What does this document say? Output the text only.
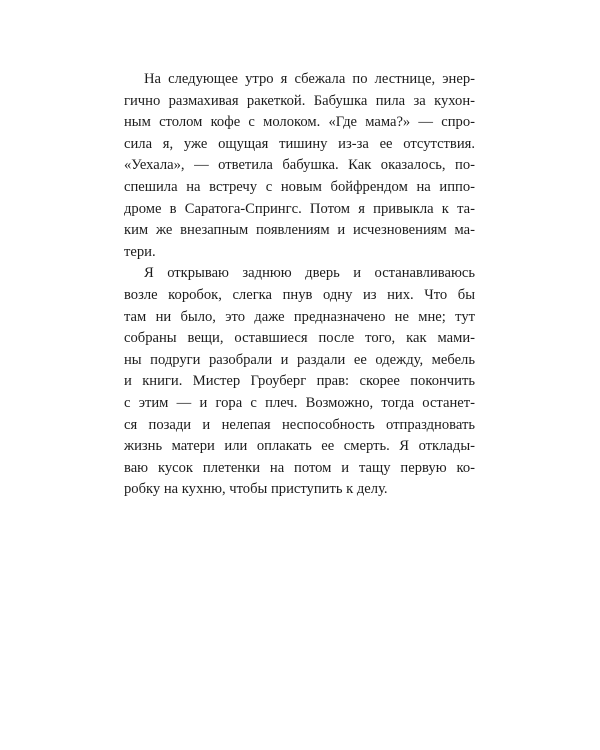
На следующее утро я сбежала по лестнице, энер-
гично размахивая ракеткой. Бабушка пила за кухон-
ным столом кофе с молоком. «Где мама?» — спро-
сила я, уже ощущая тишину из-за ее отсутствия.
«Уехала», — ответила бабушка. Как оказалось, по-
спешила на встречу с новым бойфрендом на иппо-
дроме в Саратога-Спрингс. Потом я привыкла к та-
ким же внезапным появлениям и исчезновениям ма-
тери.
Я открываю заднюю дверь и останавливаюсь
возле коробок, слегка пнув одну из них. Что бы
там ни было, это даже предназначено не мне; тут
собраны вещи, оставшиеся после того, как мами-
ны подруги разобрали и раздали ее одежду, мебель
и книги. Мистер Гроуберг прав: скорее покончить
с этим — и гора с плеч. Возможно, тогда останет-
ся позади и нелепая неспособность отпраздновать
жизнь матери или оплакать ее смерть. Я отклады-
ваю кусок плетенки на потом и тащу первую ко-
робку на кухню, чтобы приступить к делу.
